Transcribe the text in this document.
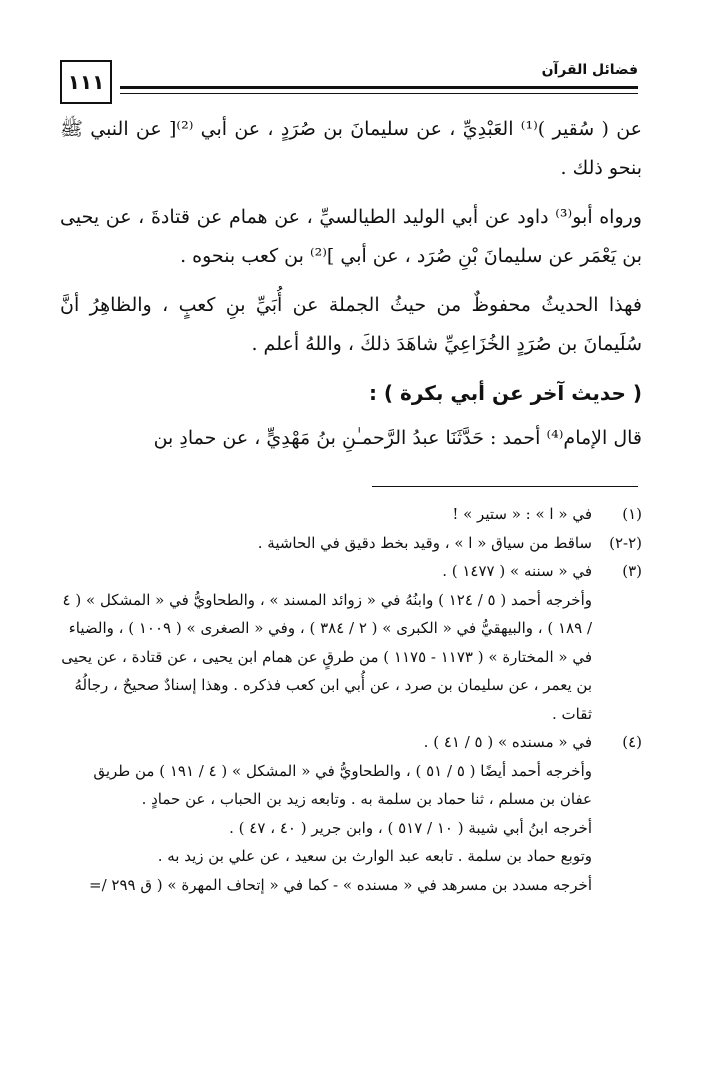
١١١	فضائل القرآن

عن ( سُقير )⁽¹⁾ العَبْدِيِّ ، عن سليمانَ بن صُرَدٍ ، عن أبي ⁽²⁾[ عن النبي ﷺ بنحو ذلك .

ورواه أبو⁽³⁾ داود عن أبي الوليد الطيالسيِّ ، عن همام عن قتادةَ ، عن يحيى بن يَعْمَر عن سليمانَ بْنِ صُرَد ، عن أبي ]⁽²⁾ بن كعب بنحوه .

فهذا الحديثُ محفوظٌ من حيثُ الجملة عن أُبَيِّ بنِ كعبٍ ، والظاهِرُ أنَّ سُلَيمانَ بن صُرَدٍ الخُزَاعِيِّ شاهَدَ ذلكَ ، واللهُ أعلم .

( حديث آخر عن أبي بكرة ) :

قال الإمام⁽⁴⁾ أحمد : حَدَّثَنَا عبدُ الرَّحمـٰنِ بنُ مَهْدِيٍّ ، عن حمادِ بن

(١)
في « ا » : « ستير » !
(٢-٢)
ساقط من سياق « ا » ، وقيد بخط دقيق في الحاشية .
(٣)
في « سننه » ( ١٤٧٧ ) .
وأخرجه أحمد ( ٥ / ١٢٤ ) وابنُهُ في « زوائد المسند » ، والطحاويُّ في « المشكل » ( ٤ / ١٨٩ ) ، والبيهقيُّ في « الكبرى » ( ٢ / ٣٨٤ ) ، وفي « الصغرى » ( ١٠٠٩ ) ، والضياء في « المختارة » ( ١١٧٣ - ١١٧٥ ) من طرقٍ عن همام ابن يحيى ، عن قتادة ، عن يحيى بن يعمر ، عن سليمان بن صرد ، عن أُبي ابن كعب فذكره . وهذا إسنادٌ صحيحٌ ، رجالُهُ ثقات .
(٤)
في « مسنده » ( ٥ / ٤١ ) .
وأخرجه أحمد أيضًا ( ٥ / ٥١ ) ، والطحاويُّ في « المشكل » ( ٤ / ١٩١ ) من طريق عفان بن مسلم ، ثنا حماد بن سلمة به . وتابعه زيد بن الحباب ، عن حمادٍ .
أخرجه ابنُ أبي شيبة ( ١٠ / ٥١٧ ) ، وابن جرير ( ٤٠ ، ٤٧ ) .
وتوبع حماد بن سلمة . تابعه عبد الوارث بن سعيد ، عن علي بن زيد به .
أخرجه مسدد بن مسرهد في « مسنده » - كما في « إتحاف المهرة » ( ق ٢٩٩ /=
